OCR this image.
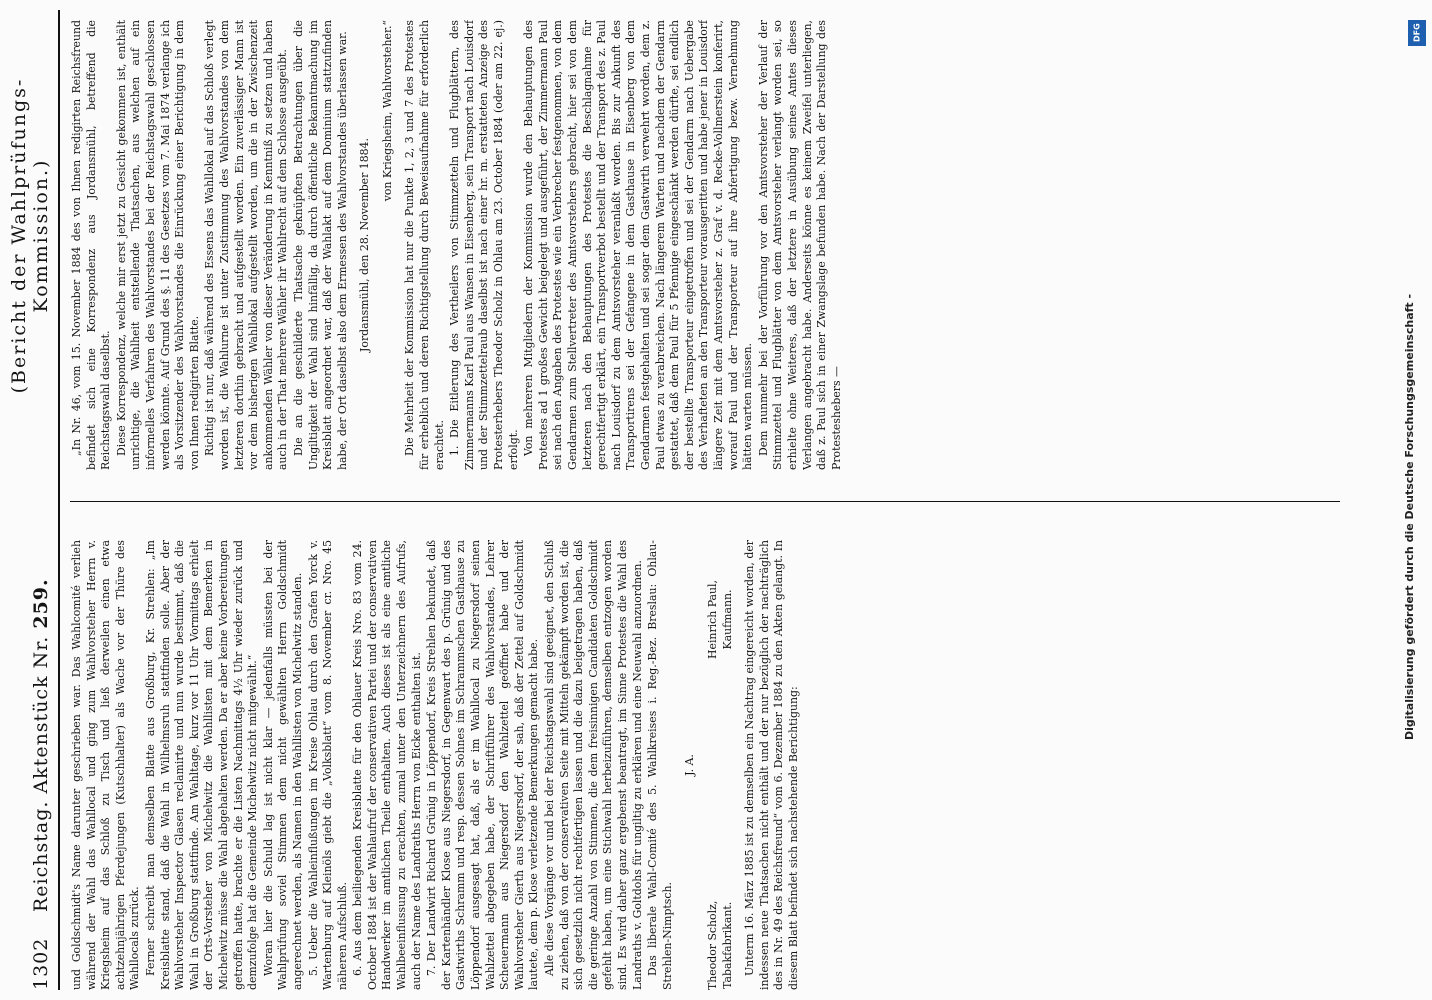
1302
Reichstag. Aktenstück Nr. 259.
(Bericht der Wahlprüfungs-Kommission.)

und Goldschmidt's Name darunter geschrieben war. Das Wahlcomité verlieh während der Wahl das Wahllocal und ging zum Wahlvorsteher Herrn v. Kriegsheim auf das Schloß zu Tisch und ließ derweilen einen etwa achtzehnjährigen Pferdejungen (Kutschhalter) als Wache vor der Thüre des Wahllocals zurück. Ferner schreibt man demselben Blatte aus Großburg, Kr. Strehlen: „Im Kreisblatte stand, daß die Wahl in Wilhelmsruh stattfinden solle. Aber der Wahlvorsteher Inspector Glasen reclamirte und nun wurde bestimmt, daß die Wahl in Großburg stattfinde. Am Wahltage, kurz vor 11 Uhr Vormittags erhielt der Orts-Vorsteher von Michelwitz die Wahllisten mit dem Bemerken in Michelwitz müsse die Wahl abgehalten werden. Da er aber keine Vorbereitungen getroffen hatte, brachte er die Listen Nachmittags 4½ Uhr wieder zurück und demzufolge hat die Gemeinde Michelwitz nicht mitgewählt.“ Woran hier die Schuld lag ist nicht klar — jedenfalls müssten bei der Wahlprüfung soviel Stimmen dem nicht gewählten Herrn Goldschmidt angerechnet werden, als Namen in den Wahllisten von Michelwitz standen. 5. Ueber die Wahleinflußungen im Kreise Ohlau durch den Grafen Yorck v. Wartenburg auf Kleinöls giebt die „Volksblatt“ vom 8. November cr. Nro. 45 näheren Aufschluß. 6. Aus dem beiliegenden Kreisblatte für den Ohlauer Kreis Nro. 83 vom 24. October 1884 ist der Wahlaufruf der conservativen Partei und der conservativen Handwerker im amtlichen Theile enthalten. Auch dieses ist als eine amtliche Wahlbeeinflussung zu erachten, zumal unter den Unterzeichnern des Aufrufs, auch der Name des Landraths Herrn von Eicke enthalten ist. 7. Der Landwirt Richard Grünig in Löppendorf, Kreis Strehlen bekundet, daß der Kartenhändler Klose aus Niegersdorf, in Gegenwart des p. Grünig und des Gastwirths Schramm und resp. dessen Sohnes im Schrammschen Gasthause zu Löppendorf ausgesagt hat, daß, als er im Wahllocal zu Niegersdorf seinen Wahlzettel abgegeben habe, der Schriftführer des Wahlvorstandes, Lehrer Scheuermann aus Niegersdorf den Wahlzettel geöffnet habe und der Wahlvorsteher Gierth aus Niegersdorf, der sah, daß der Zettel auf Goldschmidt lautete, dem p. Klose verletzende Bemerkungen gemacht habe. Alle diese Vorgänge vor und bei der Reichstagswahl sind geeignet, den Schluß zu ziehen, daß von der conservativen Seite mit Mitteln gekämpft worden ist, die sich gesetzlich nicht rechtfertigen lassen und die dazu beigetragen haben, daß die geringe Anzahl von Stimmen, die dem freisinnigen Candidaten Goldschmidt gefehlt haben, um eine Stichwahl herbeizuführen, demselben entzogen worden sind. Es wird daher ganz ergebenst beantragt, im Sinne Protestes die Wahl des Landraths v. Goltdohs für ungiltig zu erklären und eine Neuwahl anzuordnen. Das liberale Wahl-Comité des 5. Wahlkreises i. Reg.-Bez. Breslau: Ohlau-Strehlen-Nimptsch.

J. A.

Theodor Scholz, Tabakfabrikant.
Heinrich Paul, Kaufmann. Unterm 16. März 1885 ist zu demselben ein Nachtrag eingereicht worden, der indessen neue Thatsachen nicht enthält und der nur bezüglich der nachträglich des in Nr. 49 des Reichsfreund“ vom 6. Dezember 1884 zu den Akten gelangt. In diesem Blatt befindet sich nachstehende Berichtigung:

„In Nr. 46, vom 15. November 1884 des von Ihnen redigirten Reichsfreund befindet sich eine Korrespondenz aus Jordansmühl, betreffend die Reichstagswahl daselbst. Diese Korrespondenz, welche mir erst jetzt zu Gesicht gekommen ist, enthält unrichtige, die Wahlheit entstellende Thatsachen, aus welchen auf ein informelles Verfahren des Wahlvorstandes bei der Reichstagswahl geschlossen werden könnte. Auf Grund des §. 11 des Gesetzes vom 7. Mai 1874 verlange ich als Vorsitzender des Wahlvorstandes die Einrückung einer Berichtigung in dem von Ihnen redigirten Blatte. Richtig ist nur, daß während des Essens das Wahllokal auf das Schloß verlegt worden ist, die Wahlurne ist unter Zustimmung des Wahlvorstandes von dem letzteren dorthin gebracht und aufgestellt worden. Ein zuverlässiger Mann ist vor dem bisherigen Wahllokal aufgestellt worden, um die in der Zwischenzeit ankommenden Wähler von dieser Veränderung in Kenntniß zu setzen und haben auch in der That mehrere Wähler ihr Wahlrecht auf dem Schlosse ausgeübt. Die an die geschilderte Thatsache geknüpften Betrachtungen über die Ungiltigkeit der Wahl sind hinfällig, da durch öffentliche Bekanntmachung im Kreisblatt angeordnet war, daß der Wahlakt auf dem Dominium stattzufinden habe, der Ort daselbst also dem Ermessen des Wahlvorstandes überlassen war. Jordansmühl, den 28. November 1884.

von Kriegsheim, Wahlvorsteher.“ Die Mehrheit der Kommission hat nur die Punkte 1, 2, 3 und 7 des Protestes für erheblich und deren Richtigstellung durch Beweisaufnahme für erforderlich erachtet. 1. Die Eitlerung des Vertheilers von Stimmzetteln und Flugblättern, des Zimmermanns Karl Paul aus Wansen in Eisenberg, sein Transport nach Louisdorf und der Stimmzettelraub daselbst ist nach einer hr. m. erstatteten Anzeige des Protesterhebers Theodor Scholz in Ohlau am 23. October 1884 (oder am 22. ej.) erfolgt. Von mehreren Mitgliedern der Kommission wurde den Behauptungen des Protestes ad 1 großes Gewicht beigelegt und ausgeführt, der Zimmermann Paul sei nach den Angaben des Protestes wie ein Verbrecher festgenommen, von dem Gendarmen zum Stellvertreter des Amtsvorstehers gebracht, hier sei von dem letzteren nach den Behauptungen des Protestes die Beschlagnahme für gerechtfertigt erklärt, ein Transportverbot bestellt und der Transport des z. Paul nach Louisdorf zu dem Amtsvorsteher veranlaßt worden. Bis zur Ankunft des Transportirens sei der Gefangene in dem Gasthause in Eisenberg von dem Gendarmen festgehalten und sei sogar dem Gastwirth verwehrt worden, dem z. Paul etwas zu verabreichen. Nach längerem Warten und nachdem der Gendarm gestattet, daß dem Paul für 5 Pfennige eingeschänkt werden dürfte, sei endlich der bestellte Transporteur eingetroffen und sei der Gendarm nach Uebergabe des Verhafteten an den Transporteur vorausgeritten und habe jener in Louisdorf längere Zeit mit dem Amtsvorsteher z. Graf v. d. Recke-Vollmerstein konferirt, worauf Paul und der Transporteur auf ihre Abfertigung bezw. Vernehmung hätten warten müssen. Dem nunmehr bei der Vorführung vor den Amtsvorsteher der Verlauf der Stimmzettel und Flugblätter von dem Amtsvorsteher verlangt worden sei, so erhielte ohne Weiteres, daß der letztere in Ausübung seines Amtes dieses Verlangen angebracht habe. Anderseits könne es keinem Zweifel unterliegen, daß z. Paul sich in einer Zwangslage befunden habe. Nach der Darstellung des Protesteshebers —	Digitalisierung gefördert durch die Deutsche Forschungsgemeinschaft -
DFG
